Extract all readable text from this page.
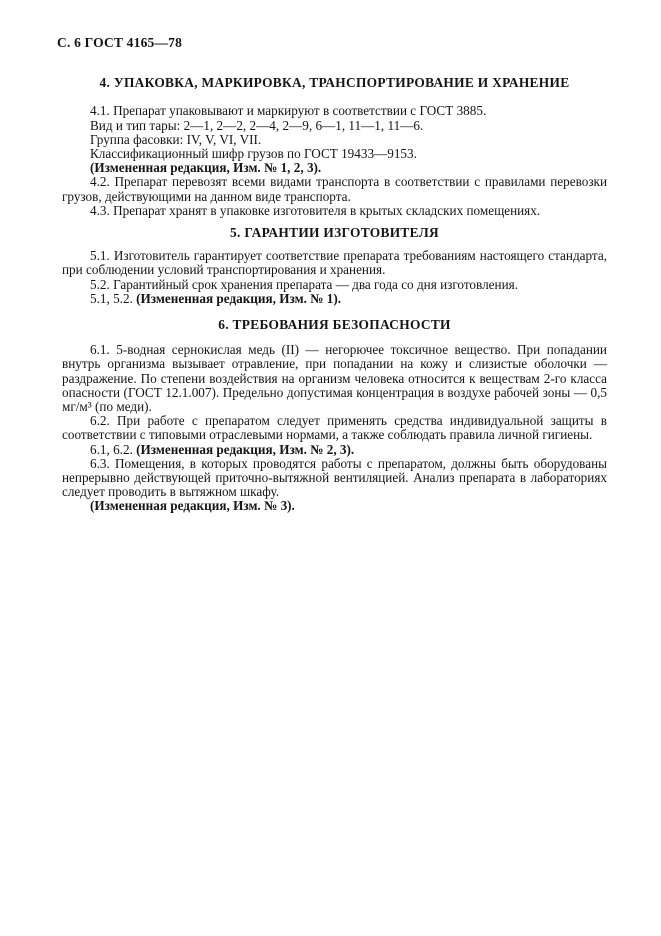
С. 6 ГОСТ 4165—78
4. УПАКОВКА, МАРКИРОВКА, ТРАНСПОРТИРОВАНИЕ И ХРАНЕНИЕ
4.1. Препарат упаковывают и маркируют в соответствии с ГОСТ 3885.
Вид и тип тары: 2—1, 2—2, 2—4, 2—9, 6—1, 11—1, 11—6.
Группа фасовки: IV, V, VI, VII.
Классификационный шифр грузов по ГОСТ 19433—9153.
(Измененная редакция, Изм. № 1, 2, 3).
4.2. Препарат перевозят всеми видами транспорта в соответствии с правилами перевозки грузов, действующими на данном виде транспорта.
4.3. Препарат хранят в упаковке изготовителя в крытых складских помещениях.
5. ГАРАНТИИ ИЗГОТОВИТЕЛЯ
5.1. Изготовитель гарантирует соответствие препарата требованиям настоящего стандарта, при соблюдении условий транспортирования и хранения.
5.2. Гарантийный срок хранения препарата — два года со дня изготовления.
5.1, 5.2. (Измененная редакция, Изм. № 1).
6. ТРЕБОВАНИЯ БЕЗОПАСНОСТИ
6.1. 5-водная сернокислая медь (II) — негорючее токсичное вещество. При попадании внутрь организма вызывает отравление, при попадании на кожу и слизистые оболочки — раздражение. По степени воздействия на организм человека относится к веществам 2-го класса опасности (ГОСТ 12.1.007). Предельно допустимая концентрация в воздухе рабочей зоны — 0,5 мг/м³ (по меди).
6.2. При работе с препаратом следует применять средства индивидуальной защиты в соответствии с типовыми отраслевыми нормами, а также соблюдать правила личной гигиены.
6.1, 6.2. (Измененная редакция, Изм. № 2, 3).
6.3. Помещения, в которых проводятся работы с препаратом, должны быть оборудованы непрерывно действующей приточно-вытяжной вентиляцией. Анализ препарата в лабораториях следует проводить в вытяжном шкафу.
(Измененная редакция, Изм. № 3).
